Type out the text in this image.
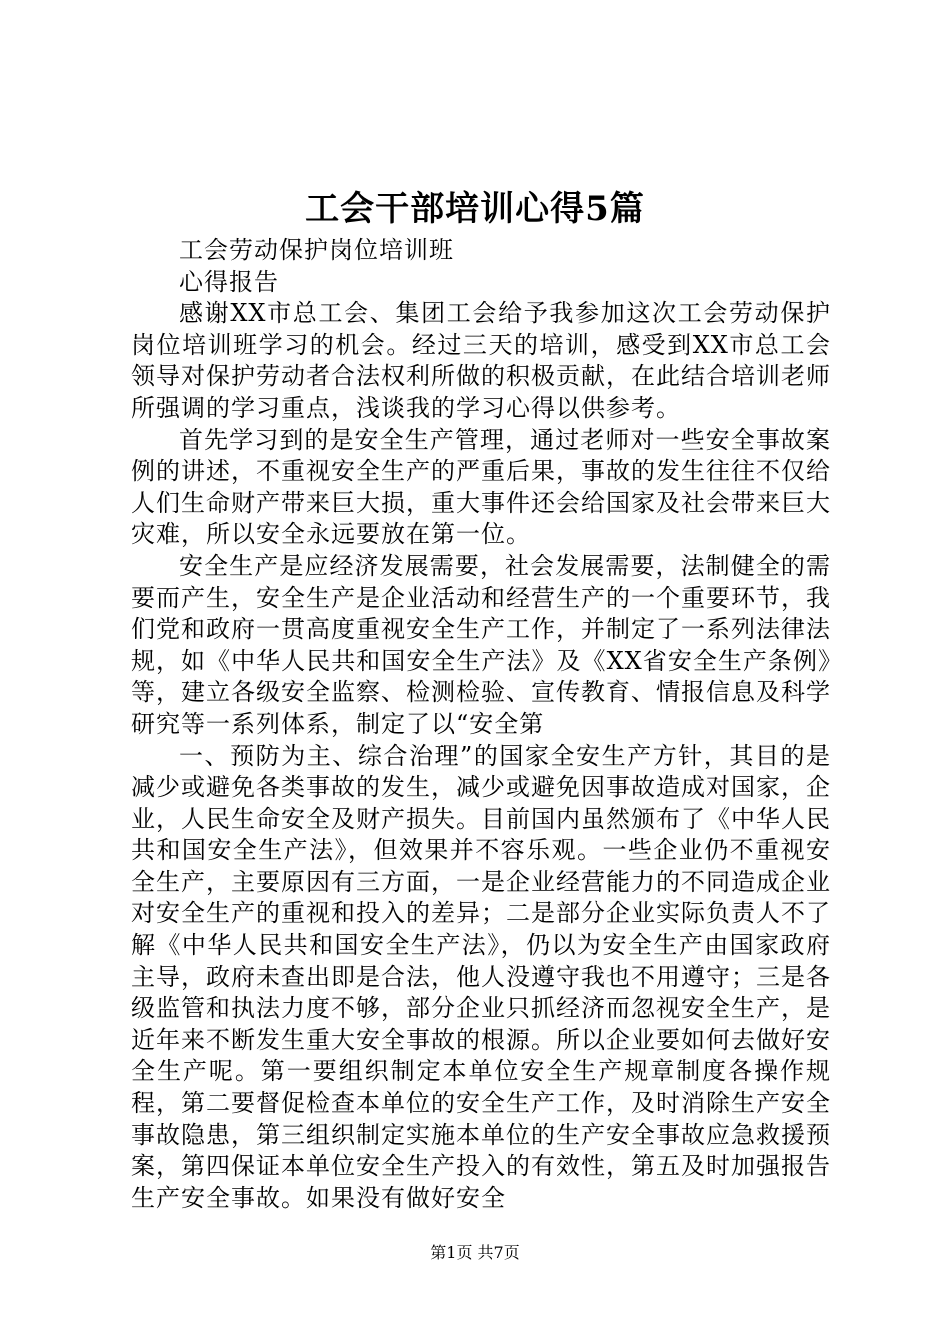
工会干部培训心得5篇

工会劳动保护岗位培训班

心得报告

感谢XX市总工会、集团工会给予我参加这次工会劳动保护岗位培训班学习的机会。经过三天的培训，感受到XX市总工会领导对保护劳动者合法权利所做的积极贡献，在此结合培训老师所强调的学习重点，浅谈我的学习心得以供参考。

首先学习到的是安全生产管理，通过老师对一些安全事故案例的讲述，不重视安全生产的严重后果，事故的发生往往不仅给人们生命财产带来巨大损，重大事件还会给国家及社会带来巨大灾难，所以安全永远要放在第一位。

安全生产是应经济发展需要，社会发展需要，法制健全的需要而产生，安全生产是企业活动和经营生产的一个重要环节，我们党和政府一贯高度重视安全生产工作，并制定了一系列法律法规，如《中华人民共和国安全生产法》及《XX省安全生产条例》等，建立各级安全监察、检测检验、宣传教育、情报信息及科学研究等一系列体系，制定了以“安全第

一、预防为主、综合治理”的国家全安生产方针，其目的是减少或避免各类事故的发生，减少或避免因事故造成对国家，企业，人民生命安全及财产损失。目前国内虽然颁布了《中华人民共和国安全生产法》，但效果并不容乐观。一些企业仍不重视安全生产，主要原因有三方面，一是企业经营能力的不同造成企业对安全生产的重视和投入的差异；二是部分企业实际负责人不了解《中华人民共和国安全生产法》，仍以为安全生产由国家政府主导，政府未查出即是合法，他人没遵守我也不用遵守；三是各级监管和执法力度不够，部分企业只抓经济而忽视安全生产，是近年来不断发生重大安全事故的根源。所以企业要如何去做好安全生产呢。第一要组织制定本单位安全生产规章制度各操作规程，第二要督促检查本单位的安全生产工作，及时消除生产安全事故隐患，第三组织制定实施本单位的生产安全事故应急救援预案，第四保证本单位安全生产投入的有效性，第五及时加强报告生产安全事故。如果没有做好安全

第1页 共7页
